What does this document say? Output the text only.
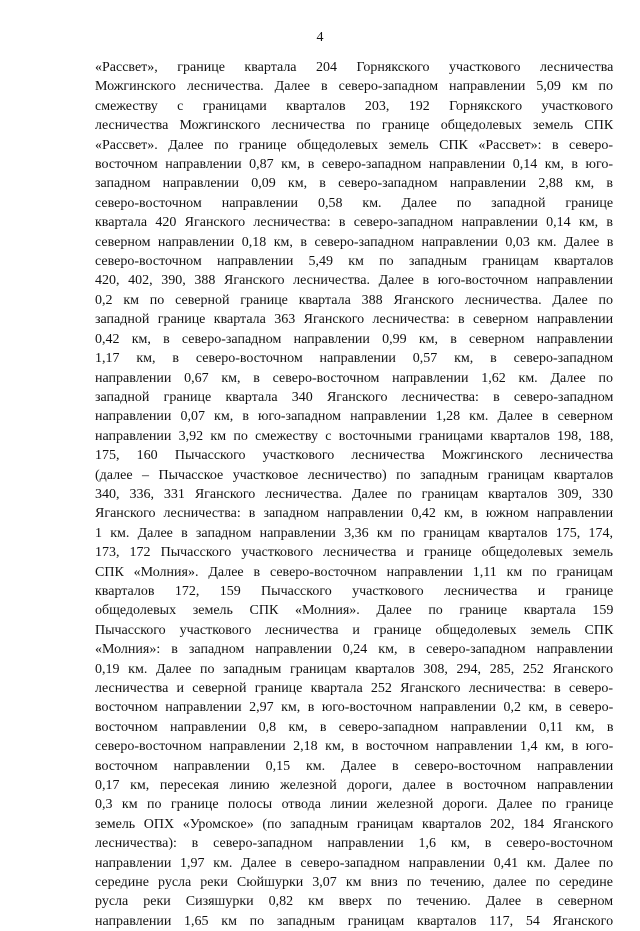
4
«Рассвет», границе квартала 204 Горнякского участкового лесничества
Можгинского лесничества. Далее в северо-западном направлении 5,09 км по
смежеству с границами кварталов 203, 192 Горнякского участкового
лесничества Можгинского лесничества по границе общедолевых земель СПК
«Рассвет». Далее по границе общедолевых земель СПК «Рассвет»: в северо-
восточном направлении 0,87 км, в северо-западном направлении 0,14 км, в юго-
западном направлении 0,09 км, в северо-западном направлении 2,88 км, в
северо-восточном направлении 0,58 км. Далее по западной границе
квартала 420 Яганского лесничества: в северо-западном направлении 0,14 км, в
северном направлении 0,18 км, в северо-западном направлении 0,03 км. Далее в
северо-восточном направлении 5,49 км по западным границам кварталов
420, 402, 390, 388 Яганского лесничества. Далее в юго-восточном направлении
0,2 км по северной границе квартала 388 Яганского лесничества. Далее по
западной границе квартала 363 Яганского лесничества: в северном направлении
0,42 км, в северо-западном направлении 0,99 км, в северном направлении
1,17 км, в северо-восточном направлении 0,57 км, в северо-западном
направлении 0,67 км, в северо-восточном направлении 1,62 км. Далее по
западной границе квартала 340 Яганского лесничества: в северо-западном
направлении 0,07 км, в юго-западном направлении 1,28 км. Далее в северном
направлении 3,92 км по смежеству с восточными границами кварталов 198, 188,
175, 160 Пычасского участкового лесничества Можгинского лесничества
(далее – Пычасское участковое лесничество) по западным границам кварталов
340, 336, 331 Яганского лесничества. Далее по границам кварталов 309, 330
Яганского лесничества: в западном направлении 0,42 км, в южном направлении
1 км. Далее в западном направлении 3,36 км по границам кварталов 175, 174,
173, 172 Пычасского участкового лесничества и границе общедолевых земель
СПК «Молния». Далее в северо-восточном направлении 1,11 км по границам
кварталов 172, 159 Пычасского участкового лесничества и границе
общедолевых земель СПК «Молния». Далее по границе квартала 159
Пычасского участкового лесничества и границе общедолевых земель СПК
«Молния»: в западном направлении 0,24 км, в северо-западном направлении
0,19 км. Далее по западным границам кварталов 308, 294, 285, 252 Яганского
лесничества и северной границе квартала 252 Яганского лесничества: в северо-
восточном направлении 2,97 км, в юго-восточном направлении 0,2 км, в северо-
восточном направлении 0,8 км, в северо-западном направлении 0,11 км, в
северо-восточном направлении 2,18 км, в восточном направлении 1,4 км, в юго-
восточном направлении 0,15 км. Далее в северо-восточном направлении
0,17 км, пересекая линию железной дороги, далее в восточном направлении
0,3 км по границе полосы отвода линии железной дороги. Далее по границе
земель ОПХ «Уромское» (по западным границам кварталов 202, 184 Яганского
лесничества): в северо-западном направлении 1,6 км, в северо-восточном
направлении 1,97 км. Далее в северо-западном направлении 0,41 км. Далее по
середине русла реки Сюйшурки 3,07 км вниз по течению, далее по середине
русла реки Сизяшурки 0,82 км вверх по течению. Далее в северном
направлении 1,65 км по западным границам кварталов 117, 54 Яганского
